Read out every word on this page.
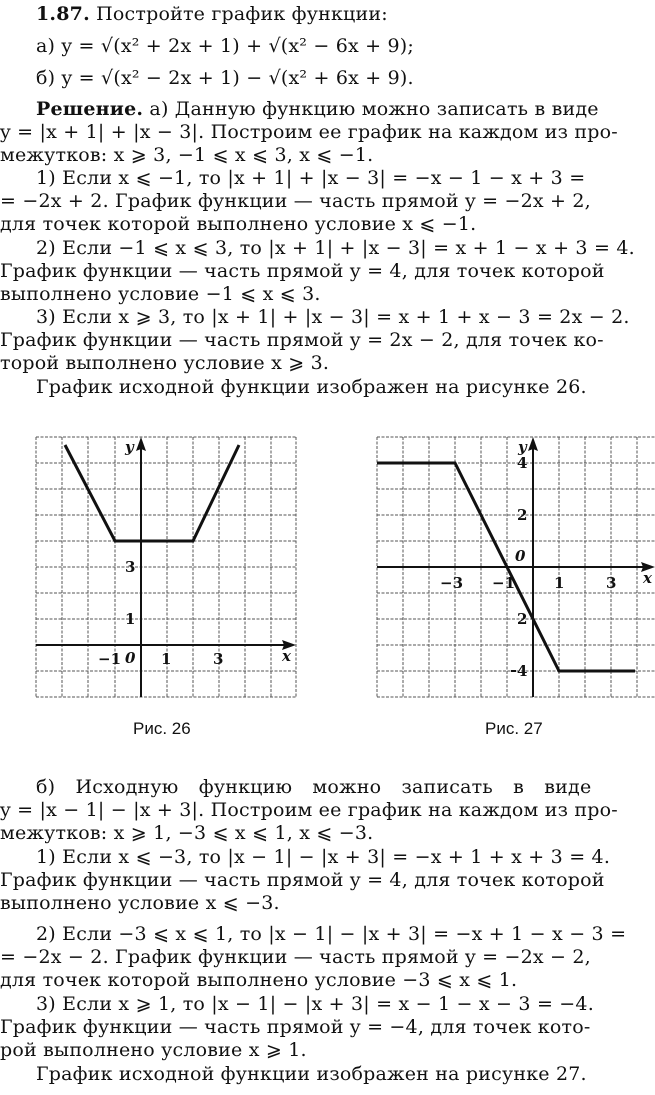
1.87. Постройте график функции:
а) y = √(x² + 2x + 1) + √(x² − 6x + 9);
б) y = √(x² − 2x + 1) − √(x² + 6x + 9).
Решение. а) Данную функцию можно записать в виде
y = |x + 1| + |x − 3|. Построим ее график на каждом из про-
межутков: x ⩾ 3, −1 ⩽ x ⩽ 3, x ⩽ −1.
1) Если x ⩽ −1, то |x + 1| + |x − 3| = −x − 1 − x + 3 =
= −2x + 2. График функции — часть прямой y = −2x + 2,
для точек которой выполнено условие x ⩽ −1.
2) Если −1 ⩽ x ⩽ 3, то |x + 1| + |x − 3| = x + 1 − x + 3 = 4.
График функции — часть прямой y = 4, для точек которой
выполнено условие −1 ⩽ x ⩽ 3.
3) Если x ⩾ 3, то |x + 1| + |x − 3| = x + 1 + x − 3 = 2x − 2.
График функции — часть прямой y = 2x − 2, для точек ко-
торой выполнено условие x ⩾ 3.
График исходной функции изображен на рисунке 26.
y
x
0
−1	1	3
1
3
Рис. 26
y
x
0
−3 −1	1	3
4
2
2
4
Рис. 27
б) Исходную функцию можно записать в виде
y = |x − 1| − |x + 3|. Построим ее график на каждом из про-
межутков: x ⩾ 1, −3 ⩽ x ⩽ 1, x ⩽ −3.
1) Если x ⩽ −3, то |x − 1| − |x + 3| = −x + 1 + x + 3 = 4.
График функции — часть прямой y = 4, для точек которой
выполнено условие x ⩽ −3.
2) Если −3 ⩽ x ⩽ 1, то |x − 1| − |x + 3| = −x + 1 − x − 3 =
= −2x − 2. График функции — часть прямой y = −2x − 2,
для точек которой выполнено условие −3 ⩽ x ⩽ 1.
3) Если x ⩾ 1, то |x − 1| − |x + 3| = x − 1 − x − 3 = −4.
График функции — часть прямой y = −4, для точек кото-
рой выполнено условие x ⩾ 1.
График исходной функции изображен на рисунке 27.
